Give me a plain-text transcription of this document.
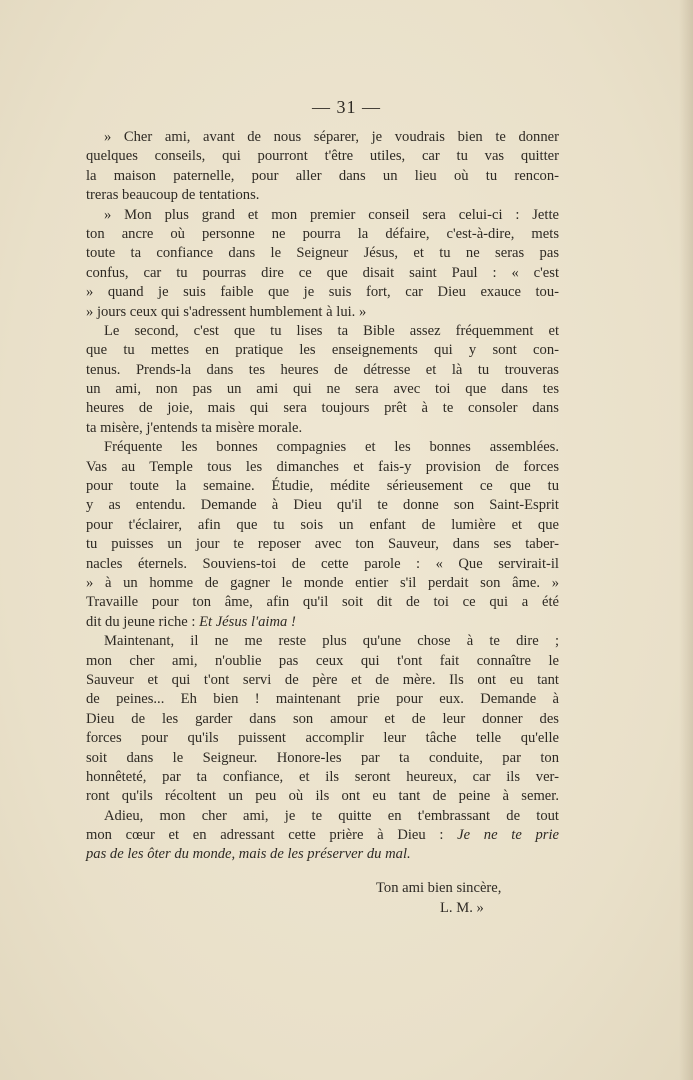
— 31 —
» Cher ami, avant de nous séparer, je voudrais bien te donner
quelques conseils, qui pourront t'être utiles, car tu vas quitter
la maison paternelle, pour aller dans un lieu où tu rencon-
treras beaucoup de tentations.
» Mon plus grand et mon premier conseil sera celui-ci : Jette
ton ancre où personne ne pourra la défaire, c'est-à-dire, mets
toute ta confiance dans le Seigneur Jésus, et tu ne seras pas
confus, car tu pourras dire ce que disait saint Paul : « c'est
» quand je suis faible que je suis fort, car Dieu exauce tou-
» jours ceux qui s'adressent humblement à lui. »
Le second, c'est que tu lises ta Bible assez fréquemment et
que tu mettes en pratique les enseignements qui y sont con-
tenus. Prends-la dans tes heures de détresse et là tu trouveras
un ami, non pas un ami qui ne sera avec toi que dans tes
heures de joie, mais qui sera toujours prêt à te consoler dans
ta misère, j'entends ta misère morale.
Fréquente les bonnes compagnies et les bonnes assemblées.
Vas au Temple tous les dimanches et fais-y provision de forces
pour toute la semaine. Étudie, médite sérieusement ce que tu
y as entendu. Demande à Dieu qu'il te donne son Saint-Esprit
pour t'éclairer, afin que tu sois un enfant de lumière et que
tu puisses un jour te reposer avec ton Sauveur, dans ses taber-
nacles éternels. Souviens-toi de cette parole : « Que servirait-il
» à un homme de gagner le monde entier s'il perdait son âme. »
Travaille pour ton âme, afin qu'il soit dit de toi ce qui a été
dit du jeune riche : Et Jésus l'aima !
Maintenant, il ne me reste plus qu'une chose à te dire ;
mon cher ami, n'oublie pas ceux qui t'ont fait connaître le
Sauveur et qui t'ont servi de père et de mère. Ils ont eu tant
de peines... Eh bien ! maintenant prie pour eux. Demande à
Dieu de les garder dans son amour et de leur donner des
forces pour qu'ils puissent accomplir leur tâche telle qu'elle
soit dans le Seigneur. Honore-les par ta conduite, par ton
honnêteté, par ta confiance, et ils seront heureux, car ils ver-
ront qu'ils récoltent un peu où ils ont eu tant de peine à semer.
Adieu, mon cher ami, je te quitte en t'embrassant de tout
mon cœur et en adressant cette prière à Dieu : Je ne te prie
pas de les ôter du monde, mais de les préserver du mal.
Ton ami bien sincère,
L. M. »
